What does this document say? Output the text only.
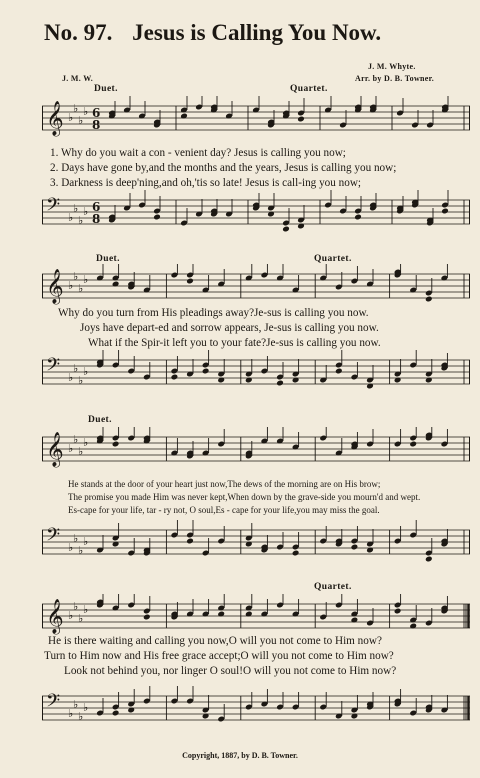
No. 97. Jesus is Calling You Now.
J. M. Whyte.
Arr. by D. B. Towner.
J. M. W.
Duet.	Quartet.
𝄞 ♭
♭
♭
♭ 6
8
1. Why do you wait a con - venient day? Jesus is calling you now;
2. Days have gone by,and the months and the years, Jesus is calling you now;
3. Darkness is deep'ning,and oh,'tis so late! Jesus is call-ing you now;
𝄢 ♭
♭
♭
♭ 6
8
Duet.	Quartet.
𝄞 ♭
♭
♭
♭
Why do you turn from His pleadings away?Je-sus is calling you now.
Joys have depart-ed and sorrow appears, Je-sus is calling you now.
What if the Spir-it left you to your fate?Je-sus is calling you now.
𝄢 ♭
♭
♭
♭
Duet.
𝄞 ♭
♭
♭
♭
He stands at the door of your heart just now,The dews of the morning are on His brow;
The promise you made Him was never kept,When down by the grave-side you mourn'd and wept.
Es-cape for your life, tar - ry not, O soul,Es - cape for your life,you may miss the goal.
𝄢 ♭
♭
♭
♭
Quartet.
𝄞 ♭
♭
♭
♭
He is there waiting and calling you now,O will you not come to Him now?
Turn to Him now and His free grace accept;O will you not come to Him now?
Look not behind you, nor linger O soul!O will you not come to Him now?
𝄢 ♭
♭
♭
♭
Copyright, 1887, by D. B. Towner.
